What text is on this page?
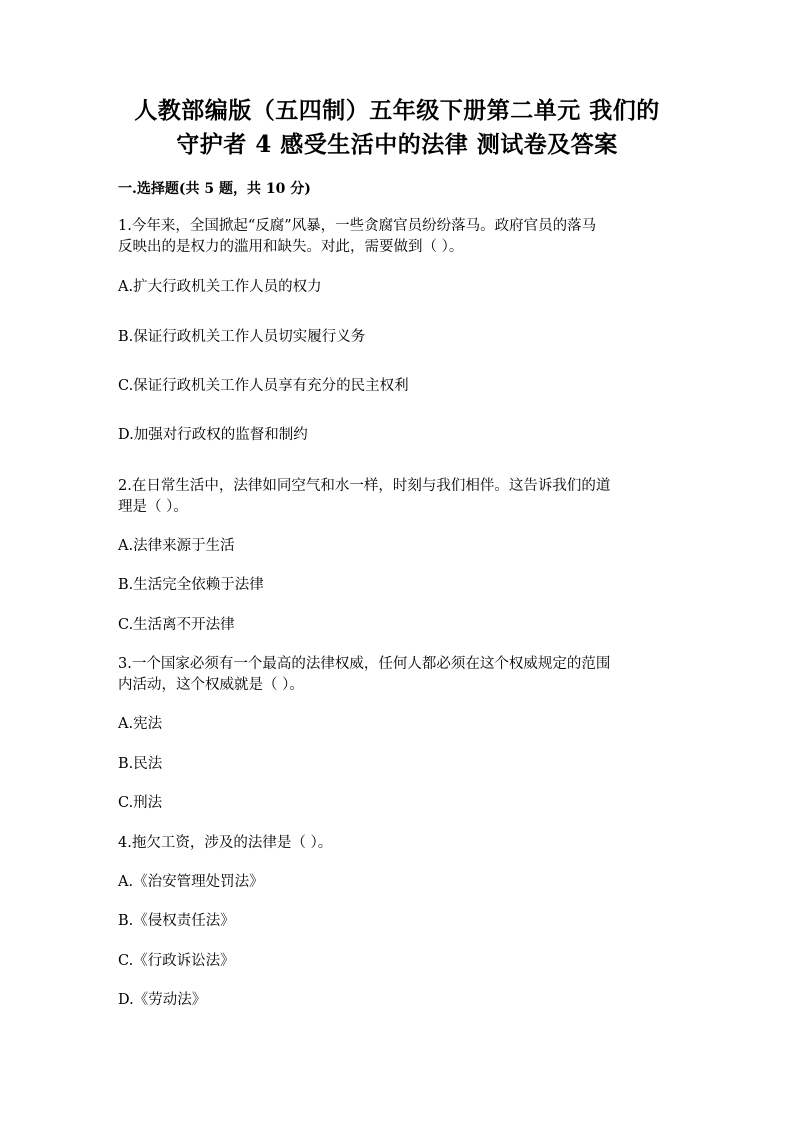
人教部编版（五四制）五年级下册第二单元 我们的
守护者 4 感受生活中的法律 测试卷及答案
一.选择题(共 5 题，共 10 分)
1.今年来，全国掀起“反腐”风暴，一些贪腐官员纷纷落马。政府官员的落马
反映出的是权力的滥用和缺失。对此，需要做到（ ）。
A.扩大行政机关工作人员的权力
B.保证行政机关工作人员切实履行义务
C.保证行政机关工作人员享有充分的民主权利
D.加强对行政权的监督和制约
2.在日常生活中，法律如同空气和水一样，时刻与我们相伴。这告诉我们的道
理是（ ）。
A.法律来源于生活
B.生活完全依赖于法律
C.生活离不开法律
3.一个国家必须有一个最高的法律权威，任何人都必须在这个权威规定的范围
内活动，这个权威就是（ ）。
A.宪法
B.民法
C.刑法
4.拖欠工资，涉及的法律是（ ）。
A.《治安管理处罚法》
B.《侵权责任法》
C.《行政诉讼法》
D.《劳动法》
